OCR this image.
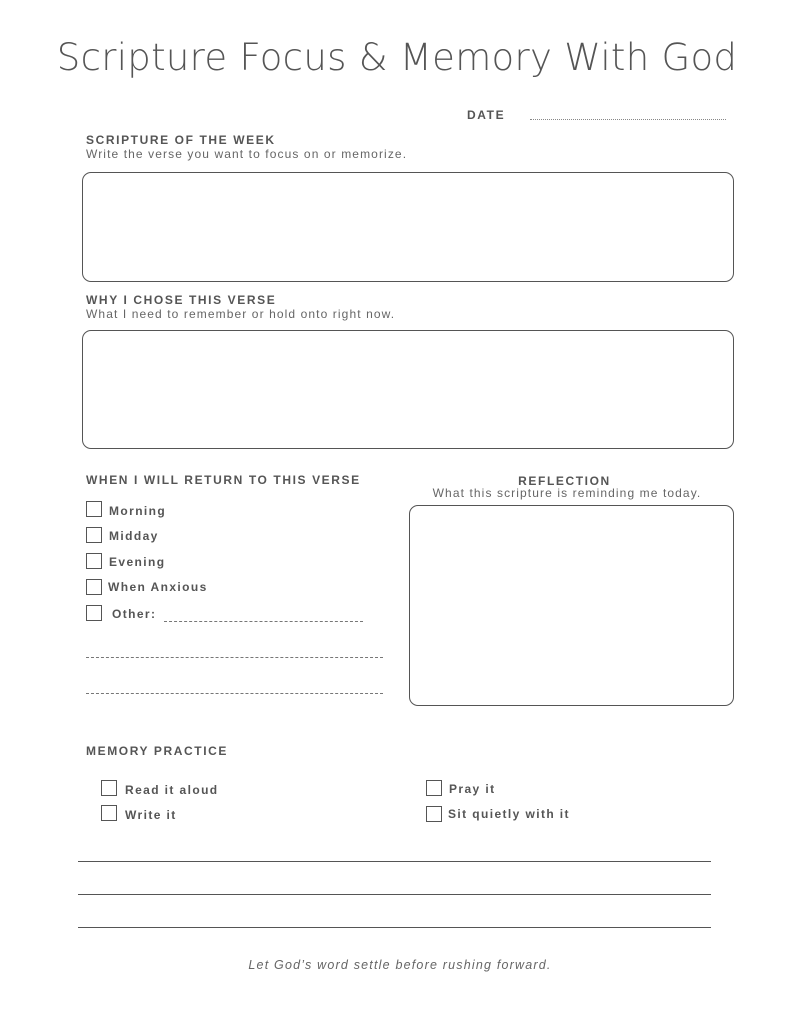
Scripture Focus & Memory With God
DATE
SCRIPTURE OF THE WEEK
Write the verse you want to focus on or memorize.
WHY I CHOSE THIS VERSE
What I need to remember or hold onto right now.
WHEN I WILL RETURN TO THIS VERSE
Morning
Midday
Evening
When Anxious
Other:
REFLECTION
What this scripture is reminding me today.
MEMORY PRACTICE
Read it aloud
Write it
Pray it
Sit quietly with it
Let God’s word settle before rushing forward.
